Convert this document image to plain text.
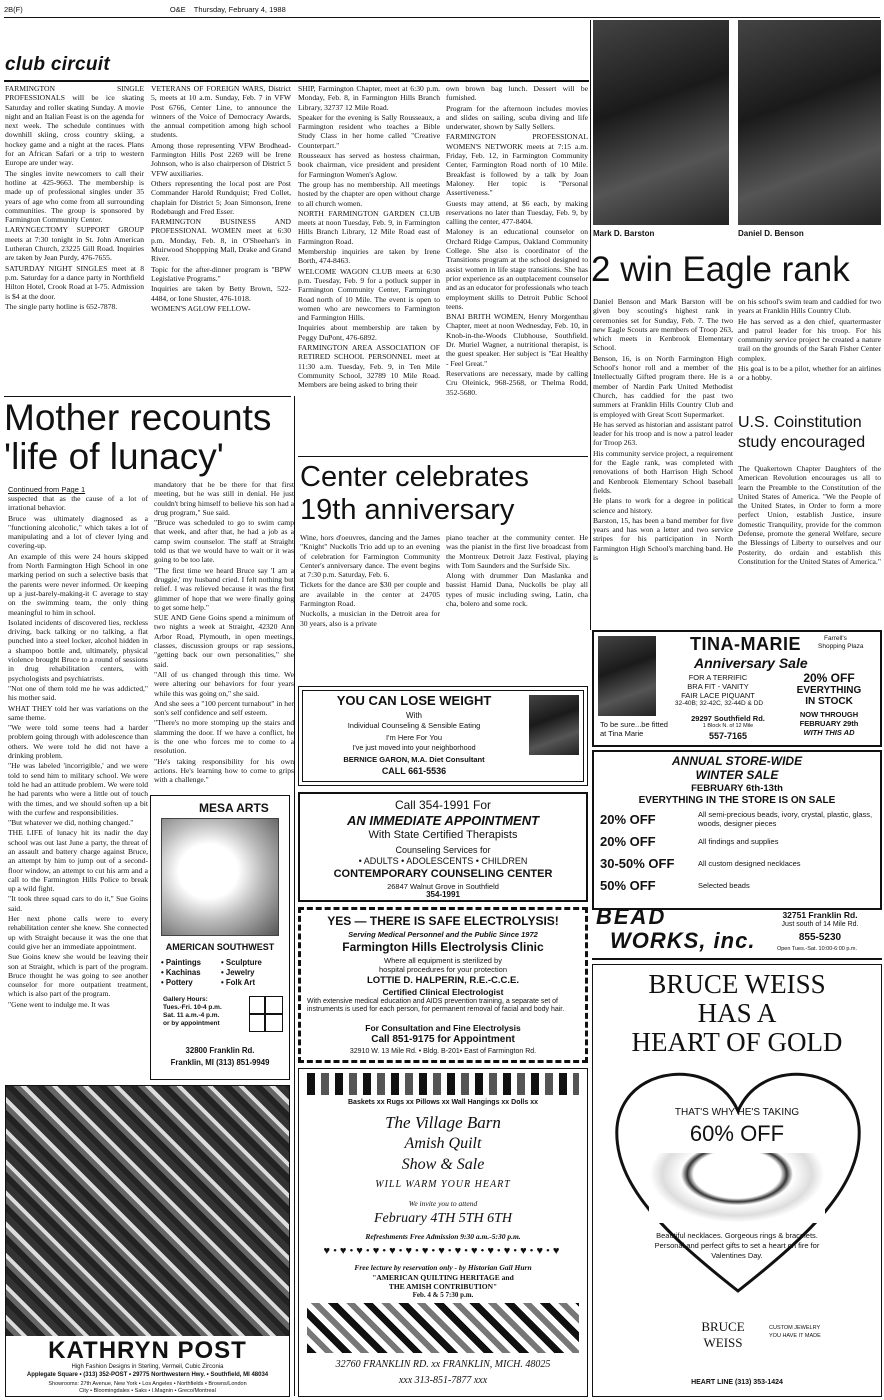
2B(F)	O&E Thursday, February 4, 1988
club circuit

FARMINGTON SINGLE PROFESSIONALS will be ice skating Saturday and roller skating Sunday. A movie night and an Italian Feast is on the agenda for next week. The schedule continues with downhill skiing, cross country skiing, a hockey game and a night at the races. Plans for an African Safari or a trip to western Europe are under way.

The singles invite newcomers to call their hotline at 425-9663. The membership is made up of professional singles under 35 years of age who come from all surrounding communities. The group is sponsored by Farmington Community Center.

LARYNGECTOMY SUPPORT GROUP meets at 7:30 tonight in St. John American Lutheran Church, 23225 Gill Road. Inquiries are taken by Jean Purdy, 476-7655.

SATURDAY NIGHT SINGLES meet at 8 p.m. Saturday for a dance party in Northfield Hilton Hotel, Crook Road at I-75. Admission is $4 at the door.

The single party hotline is 652-7878.

VETERANS OF FOREIGN WARS, District 5, meets at 10 a.m. Sunday, Feb. 7 in VFW Post 6766, Center Line, to announce the winners of the Voice of Democracy Awards, the annual competition among high school students.

Among those representing VFW Brodhead-Farmington Hills Post 2269 will be Irene Johnson, who is also chairperson of District 5 VFW auxiliaries.

Others representing the local post are Post Commander Harold Rundquist; Fred Collet, chaplain for District 5; Joan Simonson, Irene Rodebaugh and Fred Esser.

FARMINGTON BUSINESS AND PROFESSIONAL WOMEN meet at 6:30 p.m. Monday, Feb. 8, in O'Sheehan's in Muirwood Shoppping Mall, Drake and Grand River.

Topic for the after-dinner program is "BPW Legislative Programs."

Inquiries are taken by Betty Brown, 522-4484, or Ione Shuster, 476-1018.

WOMEN'S AGLOW FELLOW-

SHIP, Farmington Chapter, meet at 6:30 p.m. Monday, Feb. 8, in Farmington Hills Branch Library, 32737 12 Mile Road.

Speaker for the evening is Sally Rousseaux, a Farmington resident who teaches a Bible Study Class in her home called "Creative Counterpart."

Rousseaux has served as hostess chairman, book chairman, vice president and president for Farmington Women's Aglow.

The group has no membership. All meetings hosted by the chapter are open without charge to all church women.

NORTH FARMINGTON GARDEN CLUB meets at noon Tuesday, Feb. 9, in Farmington Hills Branch Library, 12 Mile Road east of Farmington Road.

Membership inquiries are taken by Irene Borth, 474-8463.

WELCOME WAGON CLUB meets at 6:30 p.m. Tuesday, Feb. 9 for a potluck supper in Farmington Community Center, Farmington Road north of 10 Mile. The event is open to women who are newcomers to Farmington and Farmington Hills.

Inquiries about membership are taken by Peggy DuPont, 476-6892.

FARMINGTON AREA ASSOCIATION OF RETIRED SCHOOL PERSONNEL meet at 11:30 a.m. Tuesday, Feb. 9, in Ten Mile Community School, 32789 10 Mile Road. Members are being asked to bring their

own brown bag lunch. Dessert will be furnished.

Program for the afternoon includes movies and slides on sailing, scuba diving and life underwater, shown by Sally Sellers.

FARMINGTON PROFESSIONAL WOMEN'S NETWORK meets at 7:15 a.m. Friday, Feb. 12, in Farmington Community Center, Farmington Road north of 10 Mile. Breakfast is followed by a talk by Joan Maloney. Her topic is "Personal Assertiveness."

Guests may attend, at $6 each, by making reservations no later than Tuesday, Feb. 9, by calling the center, 477-8404.

Maloney is an educational counselor on Orchard Ridge Campus, Oakland Community College. She also is coordinator of the Transitions program at the school designed to assist women in life stage transitions. She has prior experience as an outplacement counselor and as an educator for professionals who teach employment skills to Detroit Public School teens.

BNAI BRITH WOMEN, Henry Morgenthau Chapter, meet at noon Wednesday, Feb. 10, in Knob-in-the-Woods Clubhouse, Southfield. Dr. Muriel Wagner, a nutritional therapist, is the guest speaker. Her subject is "Eat Healthy - Feel Great."

Reservations are necessary, made by calling Cru Oleinick, 968-2568, or Thelma Rodd, 352-5680.

Mark D. Barston	Daniel D. Benson
2 win Eagle rank

Daniel Benson and Mark Barston will be given boy scouting's highest rank in ceremonies set for Sunday, Feb. 7. The two new Eagle Scouts are members of Troop 263, which meets in Kenbrook Elementary School.

Benson, 16, is on North Farmington High School's honor roll and a member of the Intellectually Gifted program there. He is a member of Nardin Park United Methodist Church, has caddied for the past two summers at Franklin Hills Country Club and is employed with Great Scott Supermarket.

He has served as historian and assistant patrol leader for his troop and is now a patrol leader for Troop 263.

His community service project, a requirement for the Eagle rank, was completed with renovations of both Harrison High School and Kenbrook Elementary School baseball fields.

He plans to work for a degree in political science and history.

Barston, 15, has been a band member for five years and has won a letter and two service stripes for his participation in North Farmington High School's marching band. He is

on his school's swim team and caddied for two years at Franklin Hills Country Club.

He has served as a den chief, quartermaster and patrol leader for his troop. For his community service project he created a nature trail on the grounds of the Sarah Fisher Center complex.

His goal is to be a pilot, whether for an airlines or a hobby.

U.S. Coinstitution
study encouraged
The Quakertown Chapter Daughters of the American Revolution encourages us all to learn the Preamble to the Constitution of the United States of America. "We the People of the United States, in Order to form a more perfect Union, establish Justice, insure domestic Tranquility, provide for the common Defense, promote the general Welfare, secure the Blessings of Liberty to ourselves and our Posterity, do ordain and establish this Constitution for the United States of America."
Mother recounts
'life of lunacy'
Continued from Page 1

suspected that as the cause of a lot of irrational behavior.

Bruce was ultimately diagnosed as a "functioning alcoholic," which takes a lot of manipulating and a lot of clever lying and covering-up.

An example of this were 24 hours skipped from North Farmington High School in one marking period on such a selective basis that the parents were never informed. Or keeping up a just-barely-making-it C average to stay on the swimming team, the only thing meaningful to him in school.

Isolated incidents of discovered lies, reckless driving, back talking or no talking, a flat punched into a steel locker, alcohol hidden in a shampoo bottle and, ultimately, physical violence brought Bruce to a round of sessions in drug rehabilitation centers, with psychologists and psychiatrists.

"Not one of them told me he was addicted," his mother said.

WHAT THEY told her was variations on the same theme.

"We were told some teens had a harder problem going through with adolescence than others. We were told he did not have a drinking problem.

"He was labeled 'incorrigible,' and we were told to send him to military school. We were told he had an attitude problem. We were told he had parents who were a little out of touch with the times, and we should soften up a bit with the curfew and responsibilities.

"But whatever we did, nothing changed."

THE LIFE of lunacy hit its nadir the day school was out last June a party, the threat of an assault and battery charge against Bruce, an attempt by him to jump out of a second-floor window, an attempt to cut his arm and a call to the Farmington Hills Police to break up a wild fight.

"It took three squad cars to do it," Sue Goins said.

Her next phone calls were to every rehabilitation center she knew. She connected up with Straight because it was the one that could give her an immediate appointment.

Sue Goins knew she would be leaving their son at Straight, which is part of the program. Bruce thought he was going to see another counselor for more outpatient treatment, which is also part of the program.

"Gene went to indulge me. It was

mandatory that he be there for that first meeting, but he was still in denial. He just couldn't bring himself to believe his son had a drug program," Sue said.

"Bruce was scheduled to go to swim camp that week, and after that, he had a job as a camp swim counselor. The staff at Straight told us that we would have to wait or it was going to be too late.

"The first time we heard Bruce say 'I am a druggie,' my husband cried. I felt nothing but relief. I was relieved because it was the first glimmer of hope that we were finally going to get some help."

SUE AND Gene Goins spend a minimum of two nights a week at Straight, 42320 Ann Arbor Road, Plymouth, in open meetings, classes, discussion groups or rap sessions, "getting back our own personalities," she said.

"All of us changed through this time. We were altering our behaviors for four years while this was going on," she said.

And she sees a "100 percent turnabout" in her son's self confidence and self esteem.

"There's no more stomping up the stairs and slamming the door. If we have a conflict, he is the one who forces me to come to a resolution.

"He's taking responsibility for his own actions. He's learning how to come to grips with a challenge."

Center celebrates
19th anniversary

Wine, hors d'oeuvres, dancing and the James "Knight" Nuckolls Trio add up to an evening of celebration for Farmington Community Center's anniversary dance. The event begins at 7:30 p.m. Saturday, Feb. 6.

Tickets for the dance are $30 per couple and are available in the center at 24705 Farmington Road.

Nuckolls, a musician in the Detroit area for 30 years, also is a private

piano teacher at the community center. He was the pianist in the first live broadcast from the Montreux Detroit Jazz Festival, playing with Tom Saunders and the Surfside Six.

Along with drummer Dan Maslanka and bassist Hamid Dana, Nuckolls be play all types of music including swing, Latin, cha cha, bolero and some rock.

MESA ARTS
AMERICAN SOUTHWEST
• Paintings	• Sculpture
• Kachinas	• Jewelry
• Pottery	• Folk Art
Gallery Hours:
Tues.-Fri. 10-4 p.m.
Sat. 11 a.m.-4 p.m.
or by appointment
32800 Franklin Rd.
Franklin, MI (313) 851-9949
KATHRYN POST
High Fashion Designs in Sterling, Vermeil, Cubic Zirconia
Applegate Square • (313) 352-POST • 29775 Northwestern Hwy. • Southfield, MI 48034
Showrooms: 27th Avenue, New York • Los Angeles • Northfields • Browns/London
City • Bloomingdales • Saks • I.Magnin • Greco/Montreal
YOU CAN LOSE WEIGHT
With
Individual Counseling & Sensible Eating
I'm Here For You
I've just moved into your neighborhood
BERNICE GARON, M.A. Diet Consultant
CALL 661-5536
Call 354-1991 For
AN IMMEDIATE APPOINTMENT
With State Certified Therapists
Counseling Services for
• ADULTS • ADOLESCENTS • CHILDREN
CONTEMPORARY COUNSELING CENTER
26847 Walnut Grove in Southfield
354-1991
YES — THERE IS SAFE ELECTROLYSIS!
Serving Medical Personnel and the Public Since 1972
Farmington Hills Electrolysis Clinic
Where all equipment is sterilized by
hospital procedures for your protection
LOTTIE D. HALPERIN, R.E.-C.C.E.
Certified Clinical Electrologist
With extensive medical education and AIDS prevention training, a separate set of instruments is used for each person, for permanent removal of facial and body hair.
For Consultation and Fine Electrolysis
Call 851-9175 for Appointment
32910 W. 13 Mile Rd. • Bldg. B-201• East of Farmington Rd.
Baskets xx Rugs xx Pillows xx Wall Hangings xx Dolls xx
The Village Barn
Amish Quilt
Show & Sale
WILL WARM YOUR HEART
We invite you to attend
February 4TH 5TH 6TH
Refreshments Free Admission 9:30 a.m.-5:30 p.m.
♥•♥•♥•♥•♥•♥•♥•♥•♥•♥•♥•♥•♥•♥•♥
Free lecture by reservation only - by Historian Gail Hurn
"AMERICAN QUILTING HERITAGE and
THE AMISH CONTRIBUTION"
Feb. 4 & 5 7:30 p.m.
32760 FRANKLIN RD. xx FRANKLIN, MICH. 48025
xxx 313-851-7877 xxx
TINA-MARIE	Farrell's
Shopping Plaza
Anniversary Sale
FOR A TERRIFIC
BRA FIT - VANITY
FAIR LACE PIQUANT
32-40B; 32-42C, 32-44D & DD
20% OFF
EVERYTHING
IN STOCK
NOW THROUGH
FEBRUARY 29th
WITH THIS AD
To be sure...be fitted at Tina Marie
29297 Southfield Rd.
1 Block N. of 12 Mile
557-7165
ANNUAL STORE-WIDE
WINTER SALE
FEBRUARY 6th-13th
EVERYTHING IN THE STORE IS ON SALE
20% OFF	All semi-precious beads, ivory, crystal, plastic, glass, woods, designer pieces
20% OFF	All findings and supplies
30-50% OFF	All custom designed necklaces
50% OFF	Selected beads
BEAD
WORKS, inc.
32751 Franklin Rd.
Just south of 14 Mile Rd.
855-5230
Open Tues.-Sat. 10:00-6:00 p.m.
BRUCE WEISS
HAS A
HEART OF GOLD
THAT'S WHY HE'S TAKING
60% OFF
Beautiful necklaces. Gorgeous rings & bracelets.
Personal and perfect gifts to set a heart on fire for
Valentines Day.
BRUCE
WEISS
CUSTOM JEWELRY
YOU HAVE IT MADE
HEART LINE (313) 353-1424
